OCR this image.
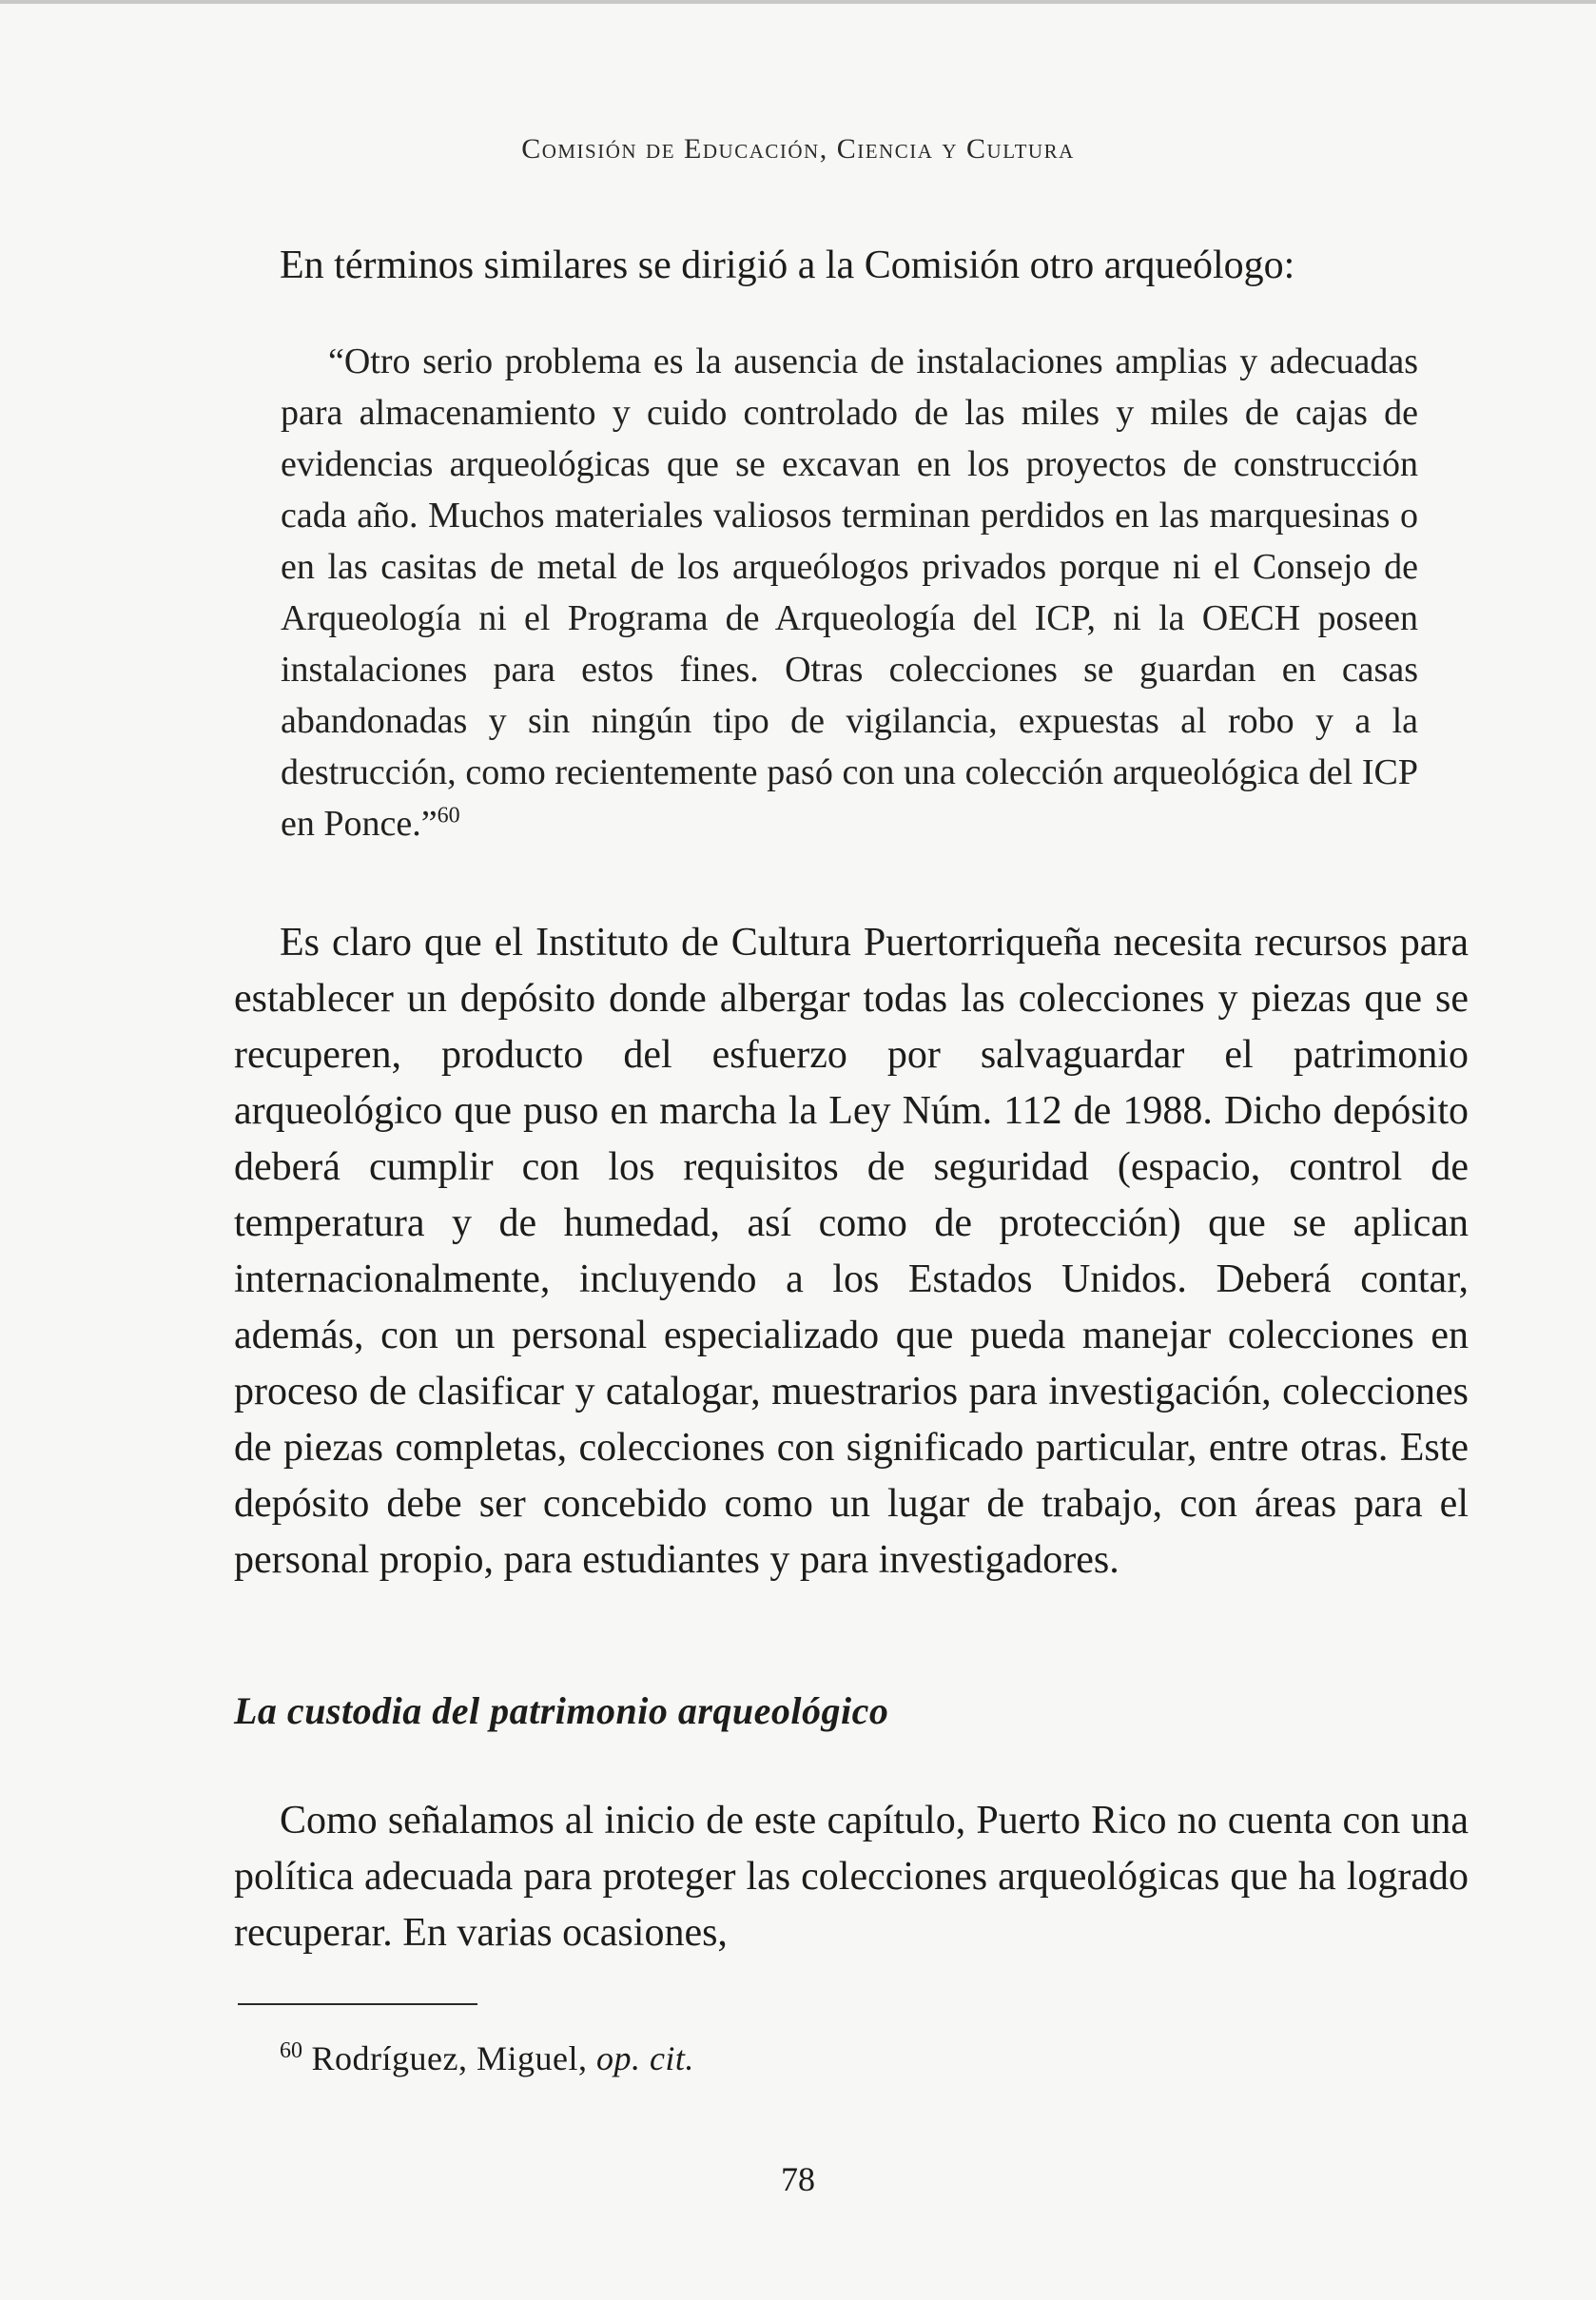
Comisión de Educación, Ciencia y Cultura

En términos similares se dirigió a la Comisión otro arqueólogo:

“Otro serio problema es la ausencia de instalaciones amplias y adecuadas para almacenamiento y cuido controlado de las miles y miles de cajas de evidencias arqueológicas que se excavan en los proyectos de construcción cada año. Muchos materiales valiosos terminan perdidos en las marquesinas o en las casitas de metal de los arqueólogos privados porque ni el Consejo de Arqueología ni el Programa de Arqueología del ICP, ni la OECH poseen instalaciones para estos fines. Otras colecciones se guardan en casas abandonadas y sin ningún tipo de vigilancia, expuestas al robo y a la destrucción, como recientemente pasó con una colección arqueológica del ICP en Ponce.”$^{60}$

Es claro que el Instituto de Cultura Puertorriqueña necesita recursos para establecer un depósito donde albergar todas las colecciones y piezas que se recuperen, producto del esfuerzo por salvaguardar el patrimonio arqueológico que puso en marcha la Ley Núm. 112 de 1988. Dicho depósito deberá cumplir con los requisitos de seguridad (espacio, control de temperatura y de humedad, así como de protección) que se aplican internacionalmente, incluyendo a los Estados Unidos. Deberá contar, además, con un personal especializado que pueda manejar colecciones en proceso de clasificar y catalogar, muestrarios para investigación, colecciones de piezas completas, colecciones con significado particular, entre otras. Este depósito debe ser concebido como un lugar de trabajo, con áreas para el personal propio, para estudiantes y para investigadores.

La custodia del patrimonio arqueológico

Como señalamos al inicio de este capítulo, Puerto Rico no cuenta con una política adecuada para proteger las colecciones arqueológicas que ha logrado recuperar. En varias ocasiones,

$^{60}$ Rodríguez, Miguel, op. cit.
78
